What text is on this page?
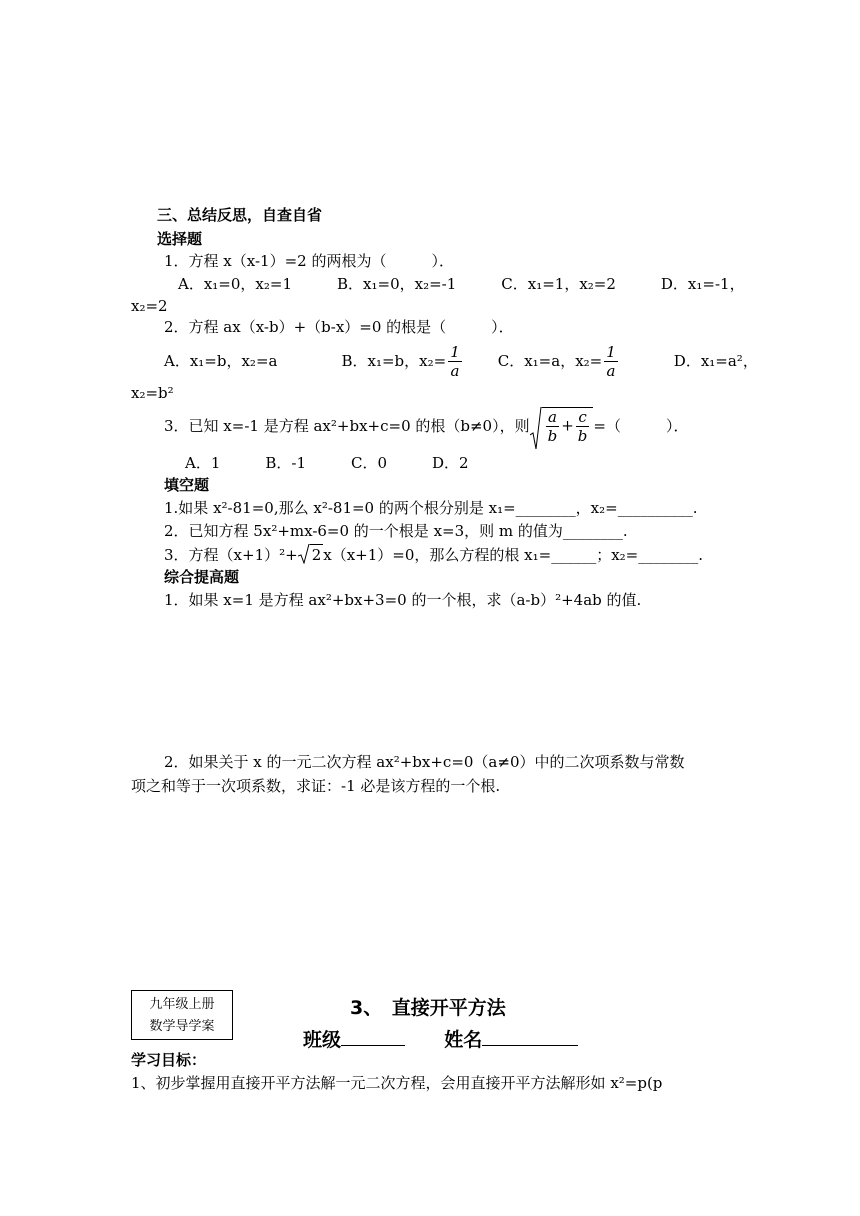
三、总结反思，自查自省
选择题
1．方程 x（x-1）=2 的两根为（　　　）．
A．x₁=0，x₂=1　　　B．x₁=0，x₂=-1　　　C．x₁=1，x₂=2　　　D．x₁=-1，
x₂=2
2．方程 ax（x-b）+（b-x）=0 的根是（　　　）．
A．x₁=b，x₂=a	B．x₁=b，$x_2= \frac{1}{a}$ C．x₁=a，$x_2= \frac{1}{a}$	D．x₁=a²，
x₂=b²
3．已知 x=-1 是方程 ax²+bx+c=0 的根（b≠0），则 $\frac{a}{b} + \frac{c}{b}$ =（　　　）．
A．1　　　B．-1　　　C．0　　　D．2
填空题
1.如果 x²-81=0,那么 x²-81=0 的两个根分别是 x₁=________，x₂=__________.
2．已知方程 5x²+mx-6=0 的一个根是 x=3，则 m 的值为________.
3．方程（x+1）²+ 2 x（x+1）=0，那么方程的根 x₁=______；x₂=________.
综合提高题
1．如果 x=1 是方程 ax²+bx+3=0 的一个根，求（a-b）²+4ab 的值.
2．如果关于 x 的一元二次方程 ax²+bx+c=0（a≠0）中的二次项系数与常数
项之和等于一次项系数，求证：-1 必是该方程的一个根.
九年级上册
数学导学案
3、　直接开平方法
班级	姓名
学习目标：
1、初步掌握用直接开平方法解一元二次方程，会用直接开平方法解形如 x²=p(p
